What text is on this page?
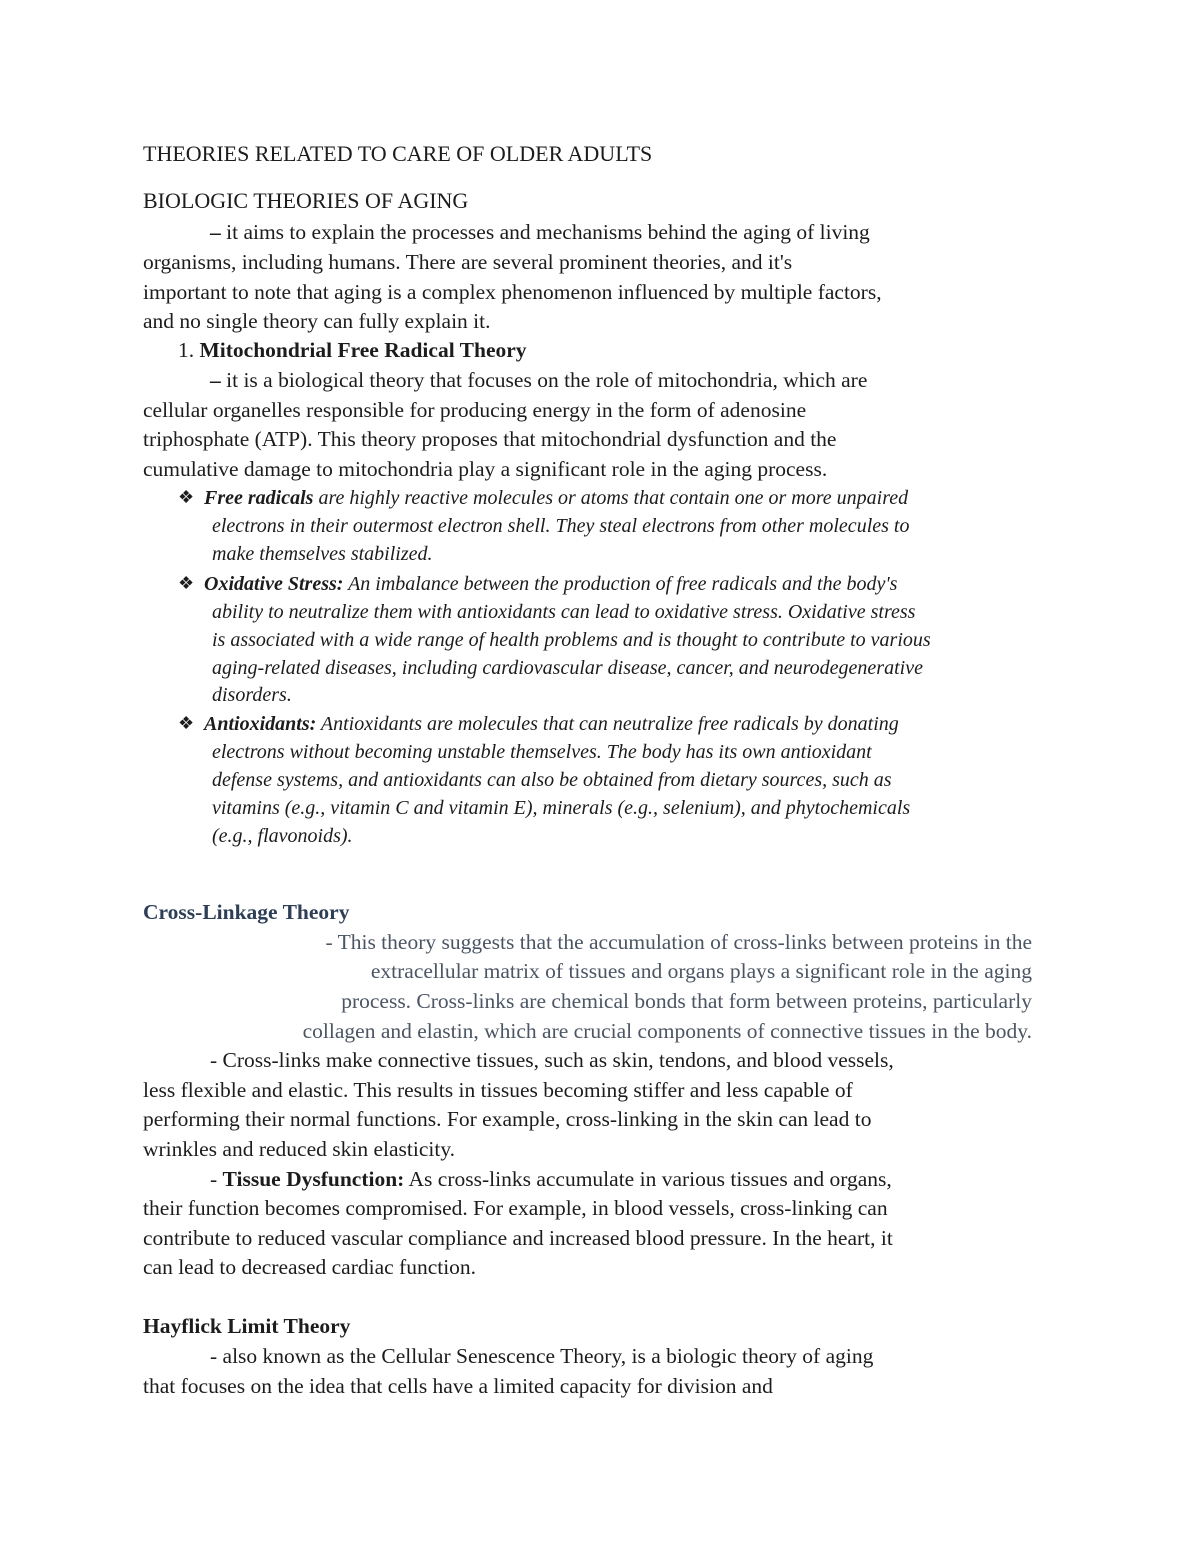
THEORIES RELATED TO CARE OF OLDER ADULTS
BIOLOGIC THEORIES OF AGING
– it aims to explain the processes and mechanisms behind the aging of living
organisms, including humans. There are several prominent theories, and it's
important to note that aging is a complex phenomenon influenced by multiple factors,
and no single theory can fully explain it.
1. Mitochondrial Free Radical Theory
– it is a biological theory that focuses on the role of mitochondria, which are
cellular organelles responsible for producing energy in the form of adenosine
triphosphate (ATP). This theory proposes that mitochondrial dysfunction and the
cumulative damage to mitochondria play a significant role in the aging process.
❖ Free radicals are highly reactive molecules or atoms that contain one or more unpaired
electrons in their outermost electron shell. They steal electrons from other molecules to
make themselves stabilized.
❖ Oxidative Stress: An imbalance between the production of free radicals and the body's
ability to neutralize them with antioxidants can lead to oxidative stress. Oxidative stress
is associated with a wide range of health problems and is thought to contribute to various
aging-related diseases, including cardiovascular disease, cancer, and neurodegenerative
disorders.
❖ Antioxidants: Antioxidants are molecules that can neutralize free radicals by donating
electrons without becoming unstable themselves. The body has its own antioxidant
defense systems, and antioxidants can also be obtained from dietary sources, such as
vitamins (e.g., vitamin C and vitamin E), minerals (e.g., selenium), and phytochemicals
(e.g., flavonoids).
Cross-Linkage Theory
- This theory suggests that the accumulation of cross-links between proteins in the
extracellular matrix of tissues and organs plays a significant role in the aging
process. Cross-links are chemical bonds that form between proteins, particularly
collagen and elastin, which are crucial components of connective tissues in the body.
- Cross-links make connective tissues, such as skin, tendons, and blood vessels,
less flexible and elastic. This results in tissues becoming stiffer and less capable of
performing their normal functions. For example, cross-linking in the skin can lead to
wrinkles and reduced skin elasticity.
- Tissue Dysfunction: As cross-links accumulate in various tissues and organs,
their function becomes compromised. For example, in blood vessels, cross-linking can
contribute to reduced vascular compliance and increased blood pressure. In the heart, it
can lead to decreased cardiac function.
Hayflick Limit Theory
- also known as the Cellular Senescence Theory, is a biologic theory of aging
that focuses on the idea that cells have a limited capacity for division and
